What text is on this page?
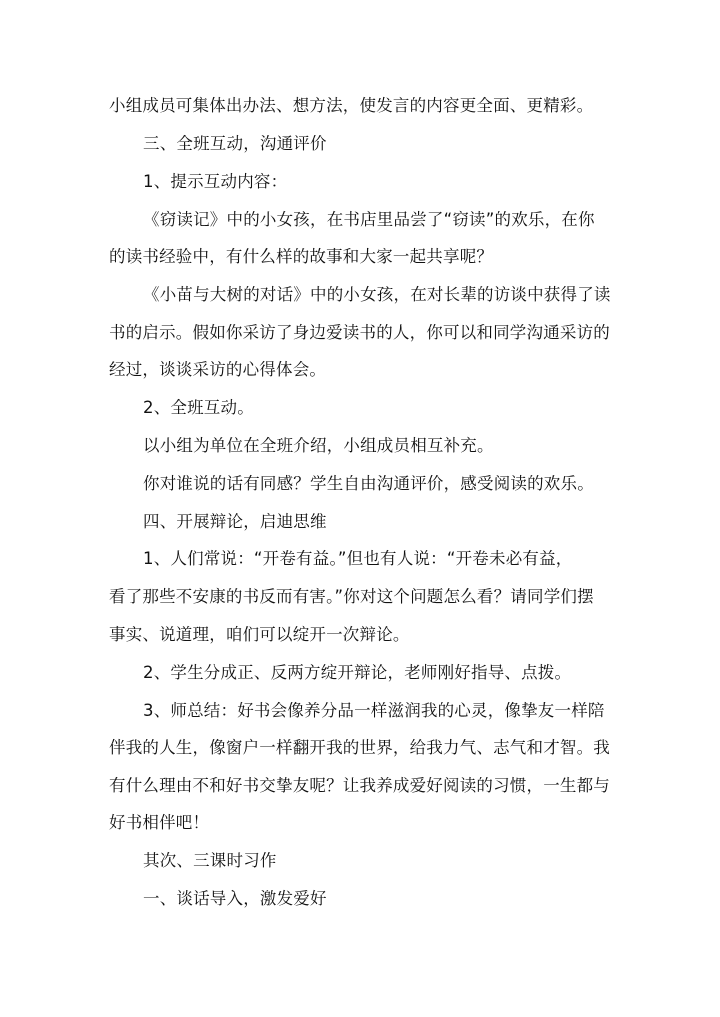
小组成员可集体出办法、想方法，使发言的内容更全面、更精彩。
三、全班互动，沟通评价
1、提示互动内容：
《窃读记》中的小女孩，在书店里品尝了“窃读”的欢乐，在你
的读书经验中，有什么样的故事和大家一起共享呢？
《小苗与大树的对话》中的小女孩，在对长辈的访谈中获得了读
书的启示。假如你采访了身边爱读书的人，你可以和同学沟通采访的
经过，谈谈采访的心得体会。
2、全班互动。
以小组为单位在全班介绍，小组成员相互补充。
你对谁说的话有同感？学生自由沟通评价，感受阅读的欢乐。
四、开展辩论，启迪思维
1、人们常说：“开卷有益。”但也有人说：“开卷未必有益，
看了那些不安康的书反而有害。”你对这个问题怎么看？请同学们摆
事实、说道理，咱们可以绽开一次辩论。
2、学生分成正、反两方绽开辩论，老师刚好指导、点拨。
3、师总结：好书会像养分品一样滋润我的心灵，像挚友一样陪
伴我的人生，像窗户一样翻开我的世界，给我力气、志气和才智。我
有什么理由不和好书交挚友呢？让我养成爱好阅读的习惯，一生都与
好书相伴吧！
其次、三课时习作
一、谈话导入，激发爱好
